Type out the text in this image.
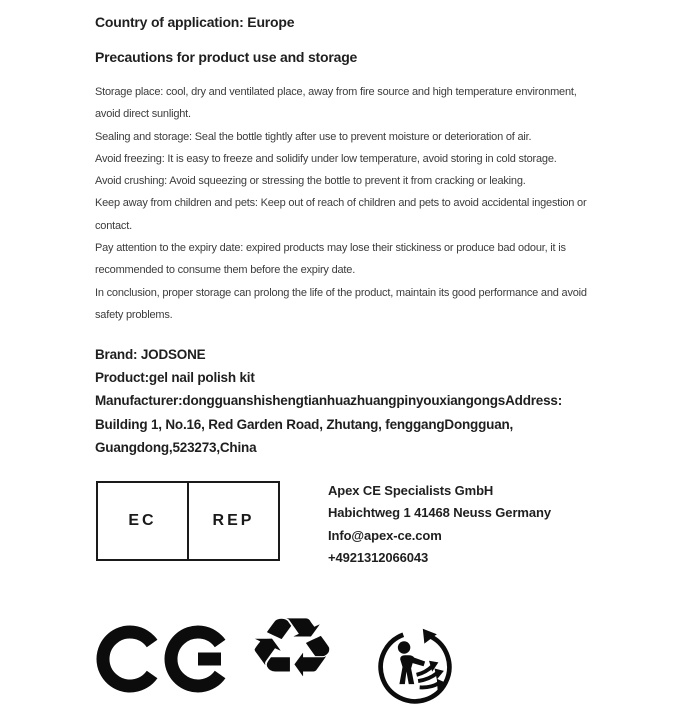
Country of application: Europe
Precautions for product use and storage
Storage place: cool, dry and ventilated place, away from fire source and high temperature environment,
avoid direct sunlight.
Sealing and storage: Seal the bottle tightly after use to prevent moisture or deterioration of air.
Avoid freezing: It is easy to freeze and solidify under low temperature, avoid storing in cold storage.
Avoid crushing: Avoid squeezing or stressing the bottle to prevent it from cracking or leaking.
Keep away from children and pets: Keep out of reach of children and pets to avoid accidental ingestion or
contact.
Pay attention to the expiry date: expired products may lose their stickiness or produce bad odour, it is
recommended to consume them before the expiry date.
In conclusion, proper storage can prolong the life of the product, maintain its good performance and avoid
safety problems.
Brand: JODSONE
Product:gel nail polish kit
Manufacturer:dongguanshishengtianhuazhuangpinyouxiangongsAddress:
Building 1, No.16, Red Garden Road, Zhutang, fenggangDongguan,
Guangdong,523273,China
EC	REP
Apex CE Specialists GmbH
Habichtweg 1 41468 Neuss Germany
Info@apex-ce.com
+4921312066043
♻
